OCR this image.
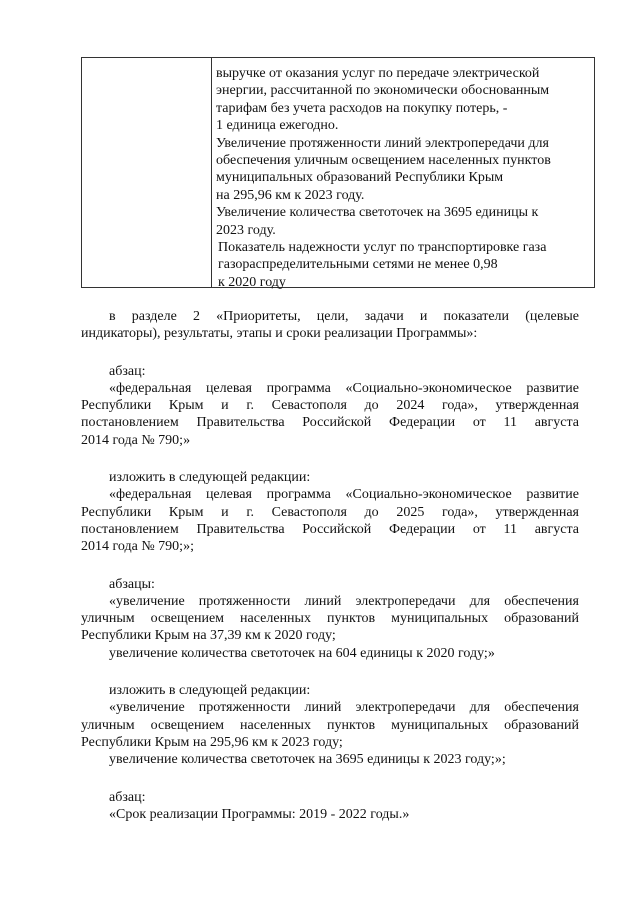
выручке от оказания услуг по передаче электрической
энергии, рассчитанной по экономически обоснованным
тарифам без учета расходов на покупку потерь, -
1 единица ежегодно.
Увеличение протяженности линий электропередачи для
обеспечения уличным освещением населенных пунктов
муниципальных образований Республики Крым
на 295,96 км к 2023 году.
Увеличение количества светоточек на 3695 единицы к
2023 году.
Показатель надежности услуг по транспортировке газа
газораспределительными сетями не менее 0,98
к 2020 году

в разделе 2 «Приоритеты, цели, задачи и показатели (целевые

индикаторы), результаты, этапы и сроки реализации Программы»:

абзац:

«федеральная целевая программа «Социально-экономическое развитие

Республики Крым и г. Севастополя до 2024 года», утвержденная

постановлением Правительства Российской Федерации от 11 августа

2014 года № 790;»

изложить в следующей редакции:

«федеральная целевая программа «Социально-экономическое развитие

Республики Крым и г. Севастополя до 2025 года», утвержденная

постановлением Правительства Российской Федерации от 11 августа

2014 года № 790;»;

абзацы:

«увеличение протяженности линий электропередачи для обеспечения

уличным освещением населенных пунктов муниципальных образований

Республики Крым на 37,39 км к 2020 году;

увеличение количества светоточек на 604 единицы к 2020 году;»

изложить в следующей редакции:

«увеличение протяженности линий электропередачи для обеспечения

уличным освещением населенных пунктов муниципальных образований

Республики Крым на 295,96 км к 2023 году;

увеличение количества светоточек на 3695 единицы к 2023 году;»;

абзац:

«Срок реализации Программы: 2019 - 2022 годы.»
